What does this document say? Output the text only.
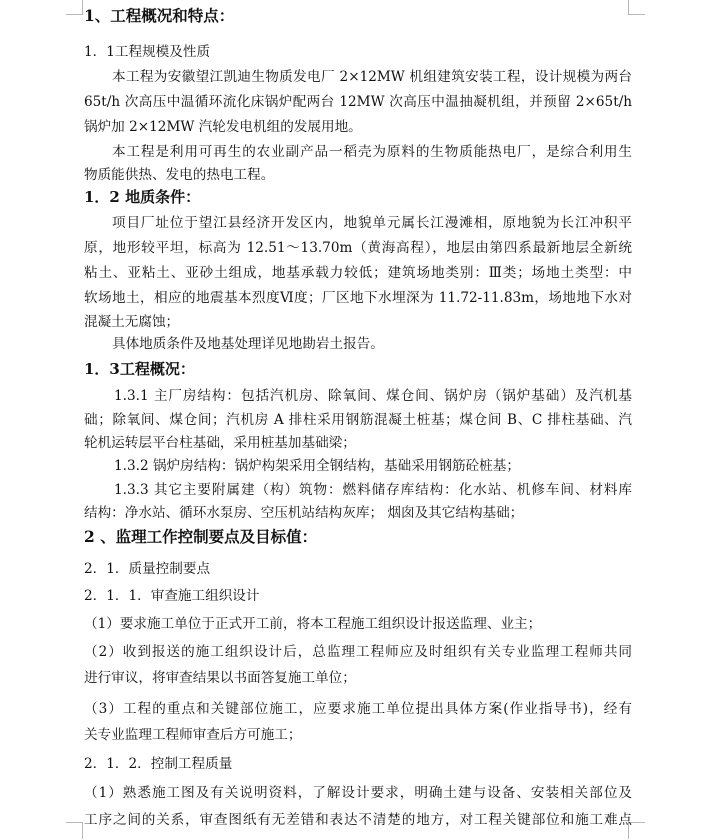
1、工程概况和特点：
1．1工程规模及性质
本工程为安徽望江凯迪生物质发电厂 2×12MW 机组建筑安装工程，设计规模为两台
65t/h 次高压中温循环流化床锅炉配两台 12MW 次高压中温抽凝机组，并预留 2×65t/h
锅炉加 2×12MW 汽轮发电机组的发展用地。
本工程是利用可再生的农业副产品一稻壳为原料的生物质能热电厂，是综合利用生
物质能供热、发电的热电工程。
1．2 地质条件：
项目厂址位于望江县经济开发区内，地貌单元属长江漫滩相，原地貌为长江冲积平
原，地形较平坦，标高为 12.51～13.70m（黄海高程），地层由第四系最新地层全新统
粘土、亚粘土、亚砂土组成，地基承载力较低；建筑场地类别：Ⅲ类；场地土类型：中
软场地土，相应的地震基本烈度Ⅵ度；厂区地下水埋深为 11.72-11.83m，场地地下水对
混凝土无腐蚀；
具体地质条件及地基处理详见地勘岩土报告。
1．3工程概况：
1.3.1 主厂房结构：包括汽机房、除氧间、煤仓间、锅炉房（锅炉基础）及汽机基
础；除氧间、煤仓间；汽机房 A 排柱采用钢筋混凝土桩基；煤仓间 B、C 排柱基础、汽
轮机运转层平台柱基础，采用桩基加基础梁；
1.3.2 锅炉房结构：锅炉构架采用全钢结构，基础采用钢筋砼桩基；
1.3.3 其它主要附属建（构）筑物：燃料储存库结构：化水站、机修车间、材料库
结构：净水站、循环水泵房、空压机站结构灰库； 烟囱及其它结构基础；
2 、监理工作控制要点及目标值：
2．1．质量控制要点
2．1．1．审查施工组织设计
（1）要求施工单位于正式开工前，将本工程施工组织设计报送监理、业主；
（2）收到报送的施工组织设计后，总监理工程师应及时组织有关专业监理工程师共同
进行审议，将审查结果以书面答复施工单位；
（3）工程的重点和关键部位施工，应要求施工单位提出具体方案(作业指导书)，经有
关专业监理工程师审查后方可施工；
2．1．2．控制工程质量
（1）熟悉施工图及有关说明资料，了解设计要求，明确土建与设备、安装相关部位及
工序之间的关系，审查图纸有无差错和表达不清楚的地方，对工程关键部位和施工难点
